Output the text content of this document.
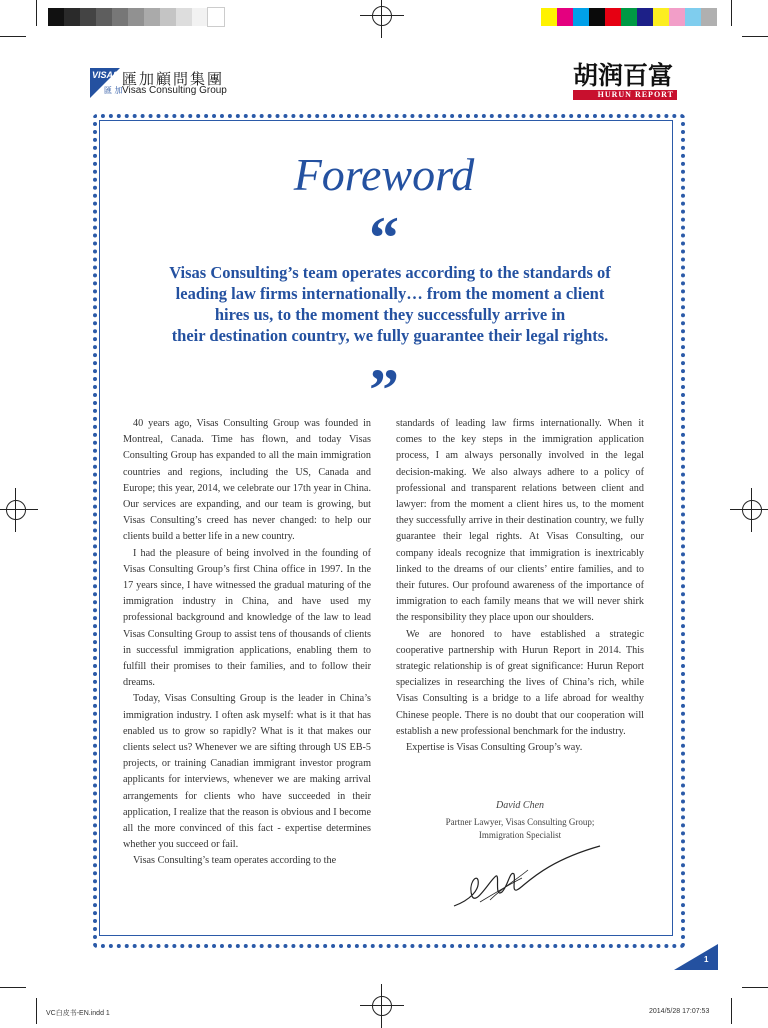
VISAS 匯加顧問集團
匯 加 Visas Consulting Group
胡润百富
HURUN REPORT
Foreword
“
Visas Consulting’s team operates according to the standards of
leading law firms internationally… from the moment a client
hires us, to the moment they successfully arrive in
their destination country, we fully guarantee their legal rights.
”

40 years ago, Visas Consulting Group was founded in Montreal, Canada. Time has flown, and today Visas Consulting Group has expanded to all the main immigration countries and regions, including the US, Canada and Europe; this year, 2014, we celebrate our 17th year in China. Our services are expanding, and our team is growing, but Visas Consulting’s creed has never changed: to help our clients build a better life in a new country.

I had the pleasure of being involved in the founding of Visas Consulting Group’s first China office in 1997. In the 17 years since, I have witnessed the gradual maturing of the immigration industry in China, and have used my professional background and knowledge of the law to lead Visas Consulting Group to assist tens of thousands of clients in successful immigration applications, enabling them to fulfill their promises to their families, and to follow their dreams.

Today, Visas Consulting Group is the leader in China’s immigration industry. I often ask myself: what is it that has enabled us to grow so rapidly? What is it that makes our clients select us? Whenever we are sifting through US EB-5 projects, or training Canadian immigrant investor program applicants for interviews, whenever we are making arrival arrangements for clients who have succeeded in their application, I realize that the reason is obvious and I become all the more convinced of this fact - expertise determines whether you succeed or fail.

Visas Consulting’s team operates according to the

standards of leading law firms internationally. When it comes to the key steps in the immigration application process, I am always personally involved in the legal decision-making. We also always adhere to a policy of professional and transparent relations between client and lawyer: from the moment a client hires us, to the moment they successfully arrive in their destination country, we fully guarantee their legal rights. At Visas Consulting, our company ideals recognize that immigration is inextricably linked to the dreams of our clients’ entire families, and to their futures. Our profound awareness of the importance of immigration to each family means that we will never shirk the responsibility they place upon our shoulders.

We are honored to have established a strategic cooperative partnership with Hurun Report in 2014. This strategic relationship is of great significance: Hurun Report specializes in researching the lives of China’s rich, while Visas Consulting is a bridge to a life abroad for wealthy Chinese people. There is no doubt that our cooperation will establish a new professional benchmark for the industry.

Expertise is Visas Consulting Group’s way.

David Chen
Partner Lawyer, Visas Consulting Group;
Immigration Specialist
1
VC白皮书-EN.indd 1	2014/5/28 17:07:53
